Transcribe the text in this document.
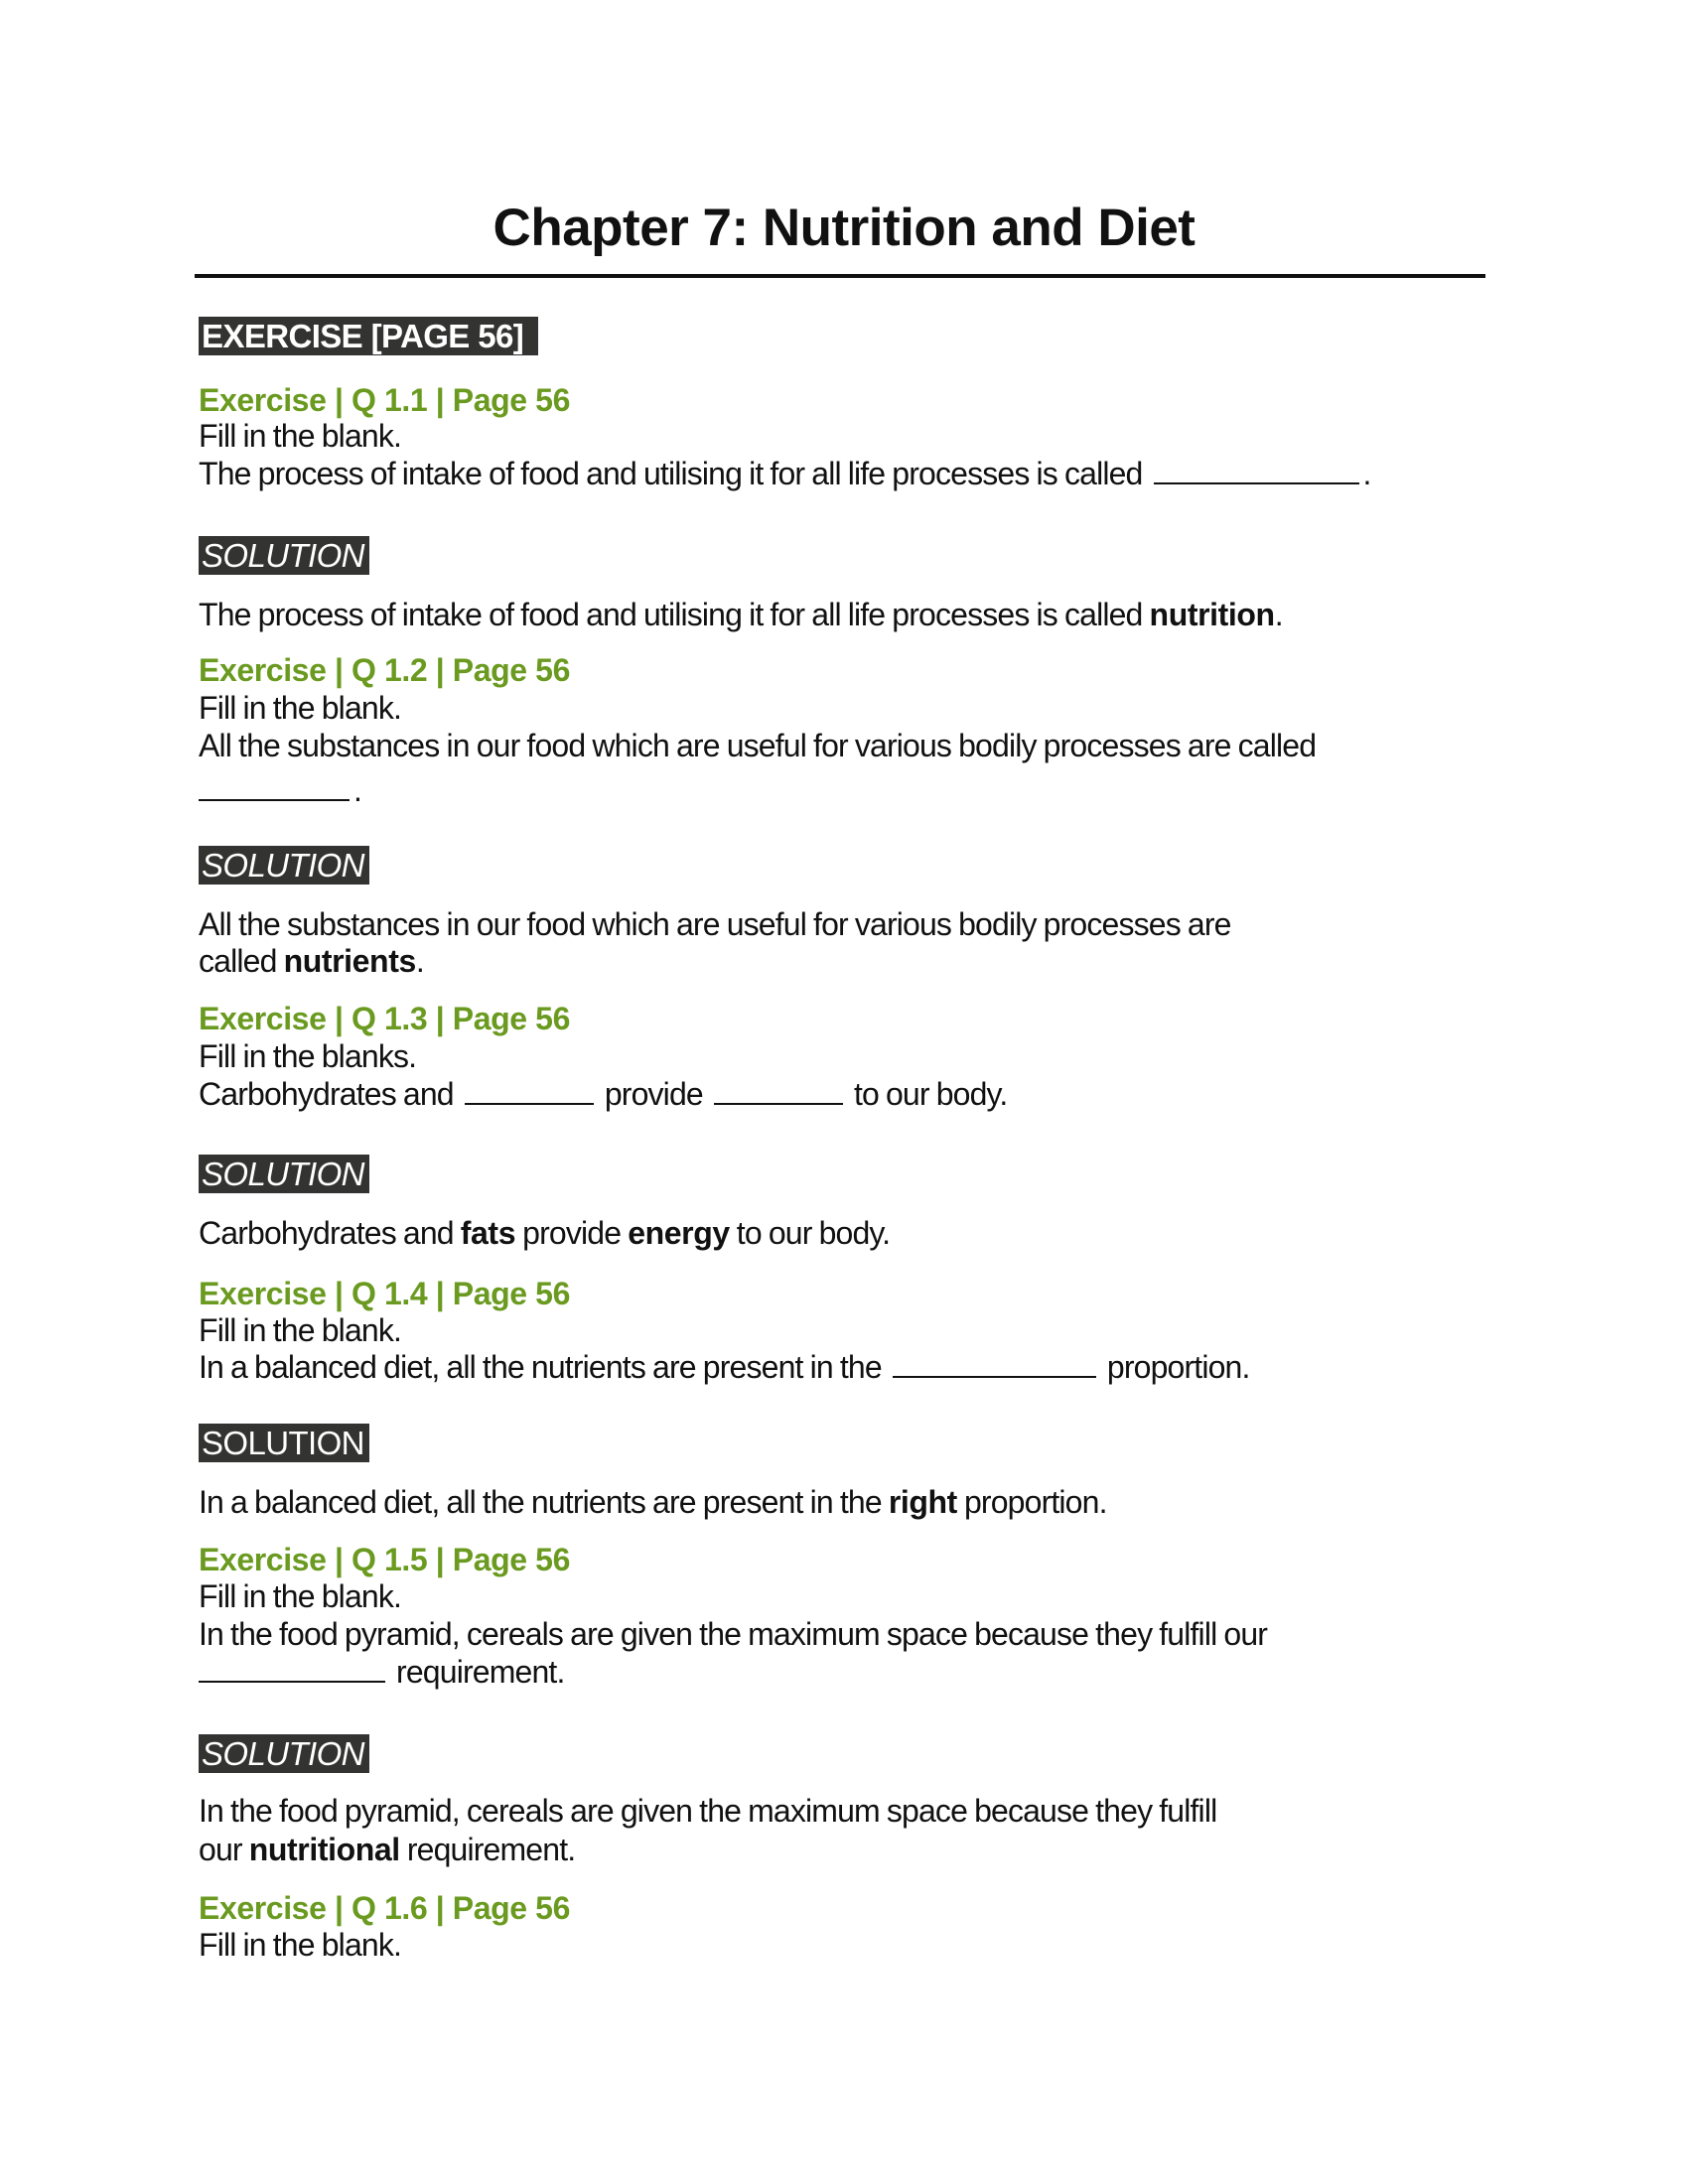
Chapter 7: Nutrition and Diet
EXERCISE [PAGE 56]
Exercise | Q 1.1 | Page 56
Fill in the blank.
The process of intake of food and utilising it for all life processes is called	.
SOLUTION
The process of intake of food and utilising it for all life processes is called nutrition.
Exercise | Q 1.2 | Page 56
Fill in the blank.
All the substances in our food which are useful for various bodily processes are called
.
SOLUTION
All the substances in our food which are useful for various bodily processes are
called nutrients.
Exercise | Q 1.3 | Page 56
Fill in the blanks.
Carbohydrates and	provide	to our body.
SOLUTION
Carbohydrates and fats provide energy to our body.
Exercise | Q 1.4 | Page 56
Fill in the blank.
In a balanced diet, all the nutrients are present in the	proportion.
SOLUTION
In a balanced diet, all the nutrients are present in the right proportion.
Exercise | Q 1.5 | Page 56
Fill in the blank.
In the food pyramid, cereals are given the maximum space because they fulfill our
requirement.
SOLUTION
In the food pyramid, cereals are given the maximum space because they fulfill
our nutritional requirement.
Exercise | Q 1.6 | Page 56
Fill in the blank.
